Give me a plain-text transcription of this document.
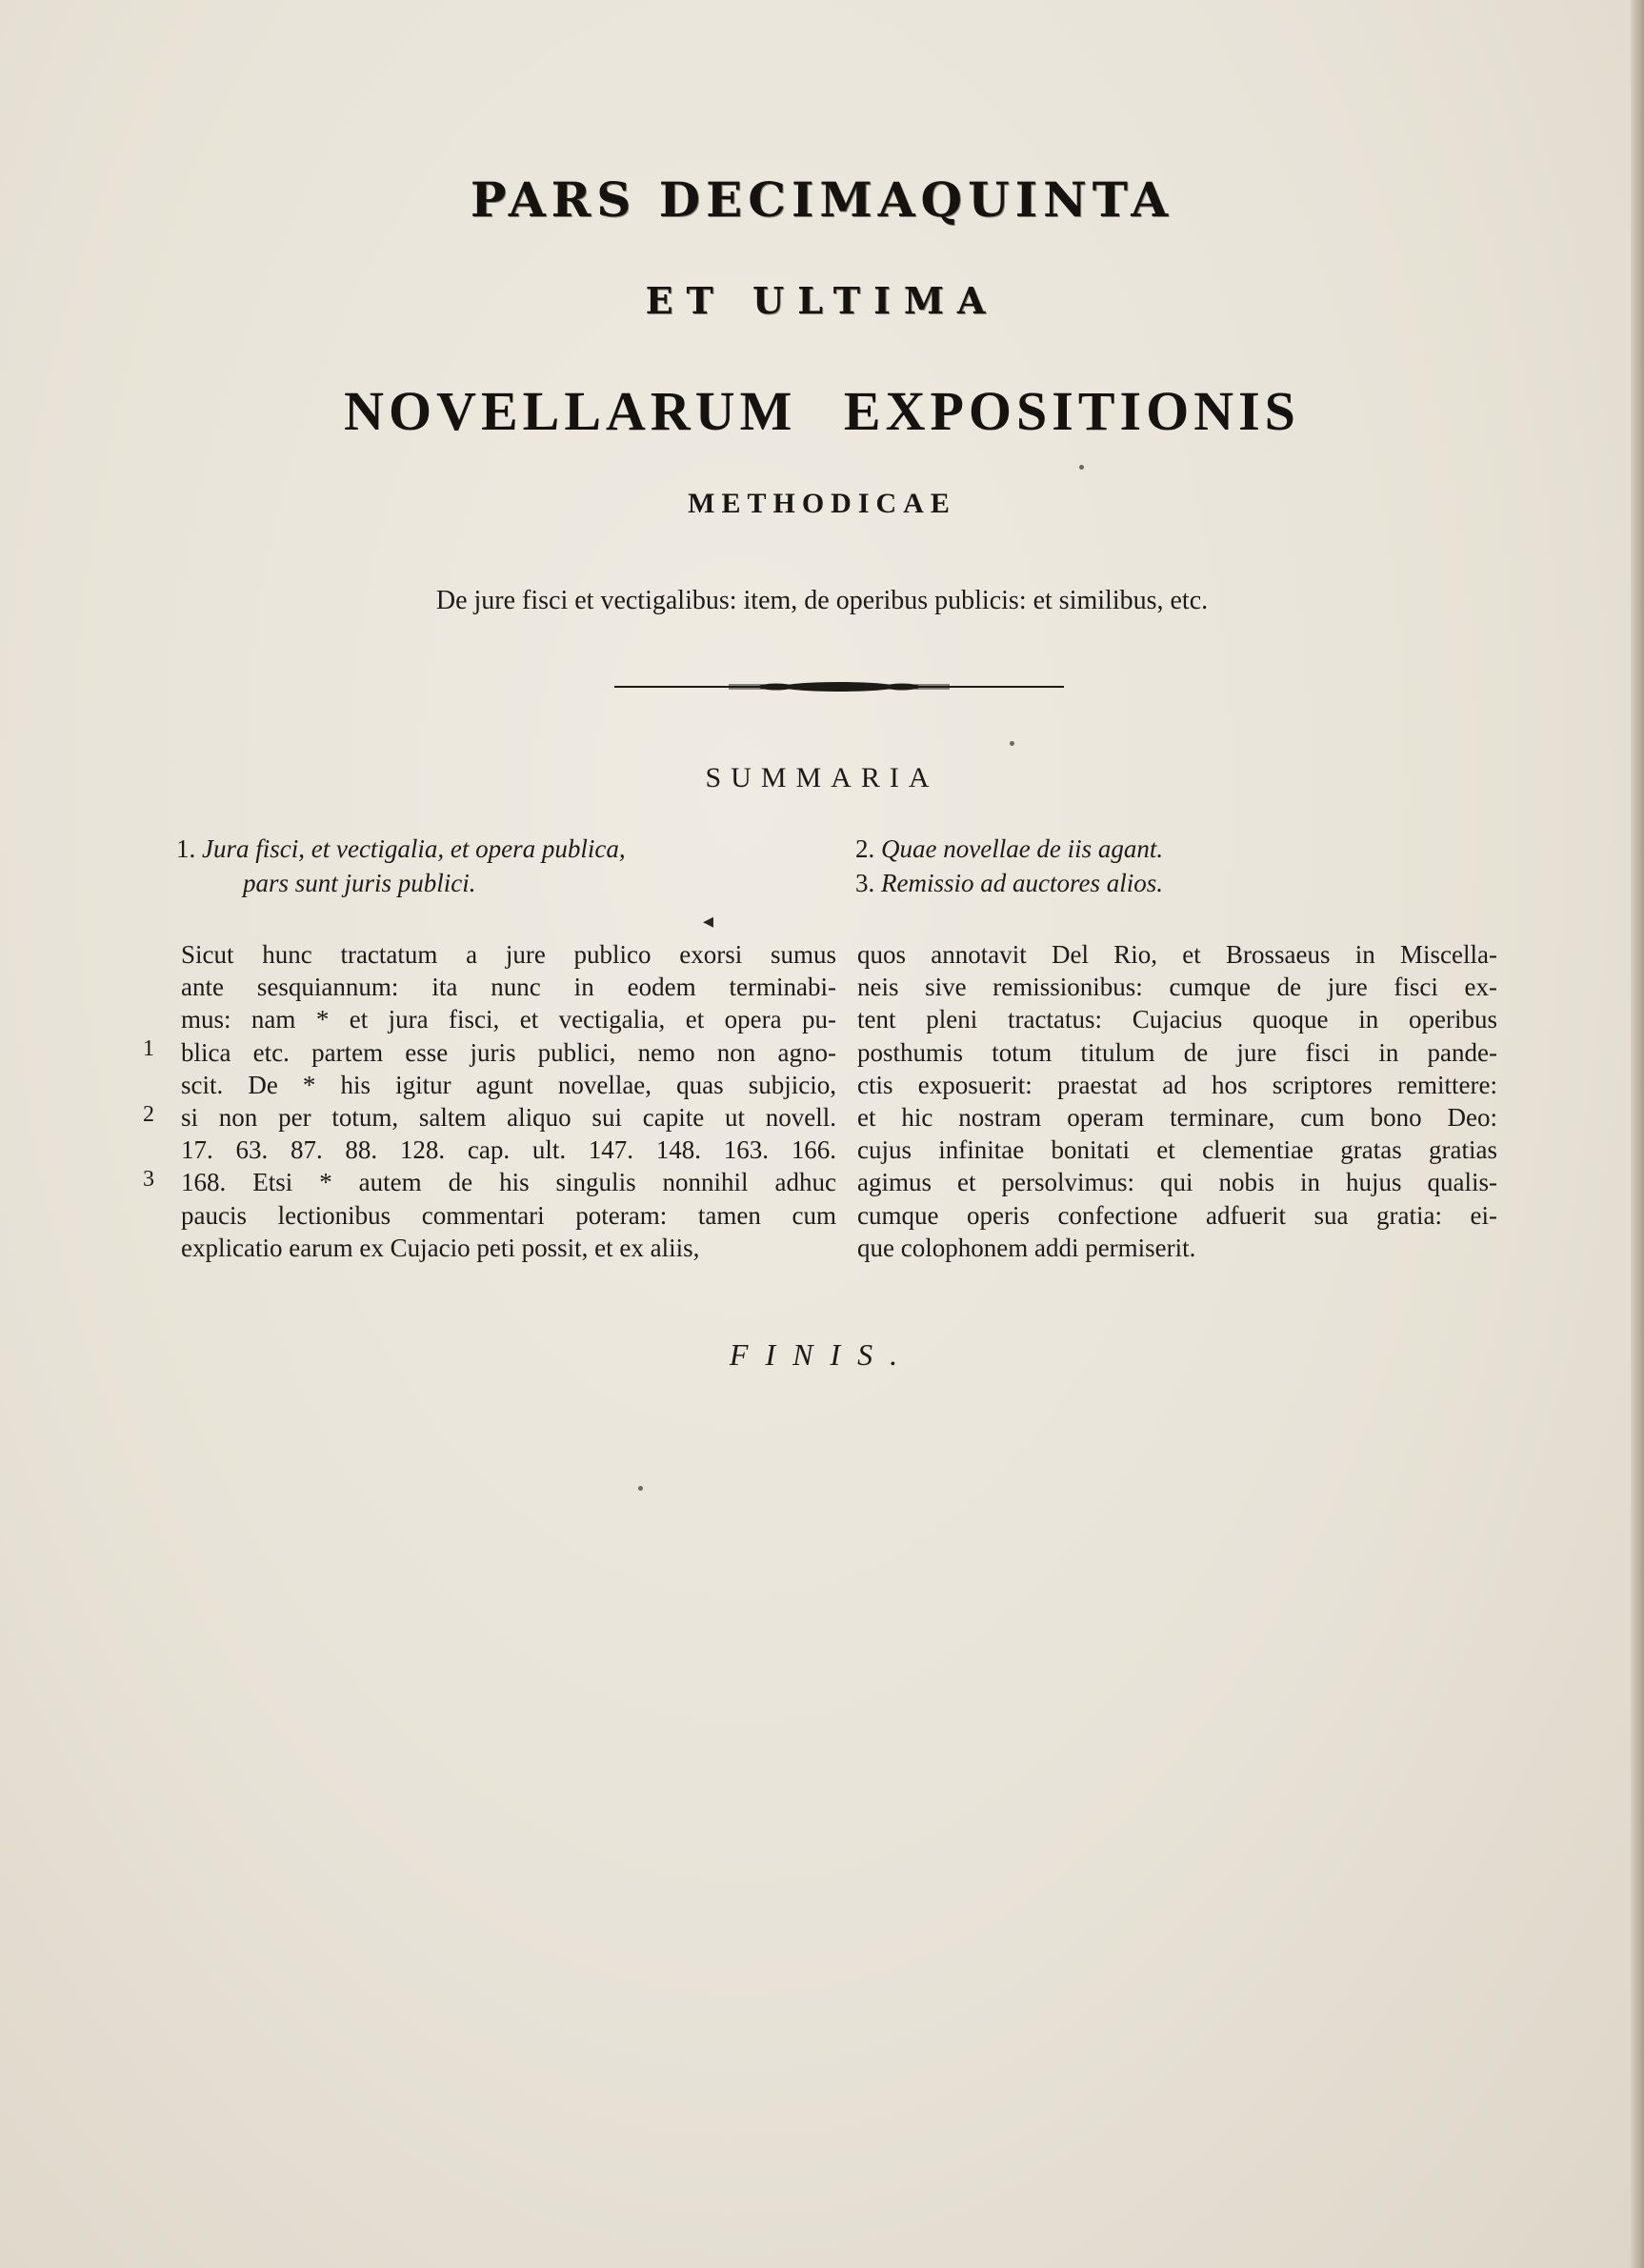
PARS DECIMAQUINTA
ET ULTIMA
NOVELLARUM EXPOSITIONIS
METHODICAE
De jure fisci et vectigalibus: item, de operibus publicis: et similibus, etc.
SUMMARIA
1. Jura fisci, et vectigalia, et opera publica,
pars sunt juris publici.
2. Quae novellae de iis agant.
3. Remissio ad auctores alios.
◂
Sicut hunc tractatum a jure publico exorsi sumus
ante sesquiannum: ita nunc in eodem terminabi-
mus: nam * et jura fisci, et vectigalia, et opera pu-
blica etc. partem esse juris publici, nemo non agno-
scit. De * his igitur agunt novellae, quas subjicio,
si non per totum, saltem aliquo sui capite ut novell.
17. 63. 87. 88. 128. cap. ult. 147. 148. 163. 166.
168. Etsi * autem de his singulis nonnihil adhuc
paucis lectionibus commentari poteram: tamen cum
explicatio earum ex Cujacio peti possit, et ex aliis,
quos annotavit Del Rio, et Brossaeus in Miscella-
neis sive remissionibus: cumque de jure fisci ex-
tent pleni tractatus: Cujacius quoque in operibus
posthumis totum titulum de jure fisci in pande-
ctis exposuerit: praestat ad hos scriptores remittere:
et hic nostram operam terminare, cum bono Deo:
cujus infinitae bonitati et clementiae gratas gratias
agimus et persolvimus: qui nobis in hujus qualis-
cumque operis confectione adfuerit sua gratia: ei-
que colophonem addi permiserit.
1
2
3
FINIS.
